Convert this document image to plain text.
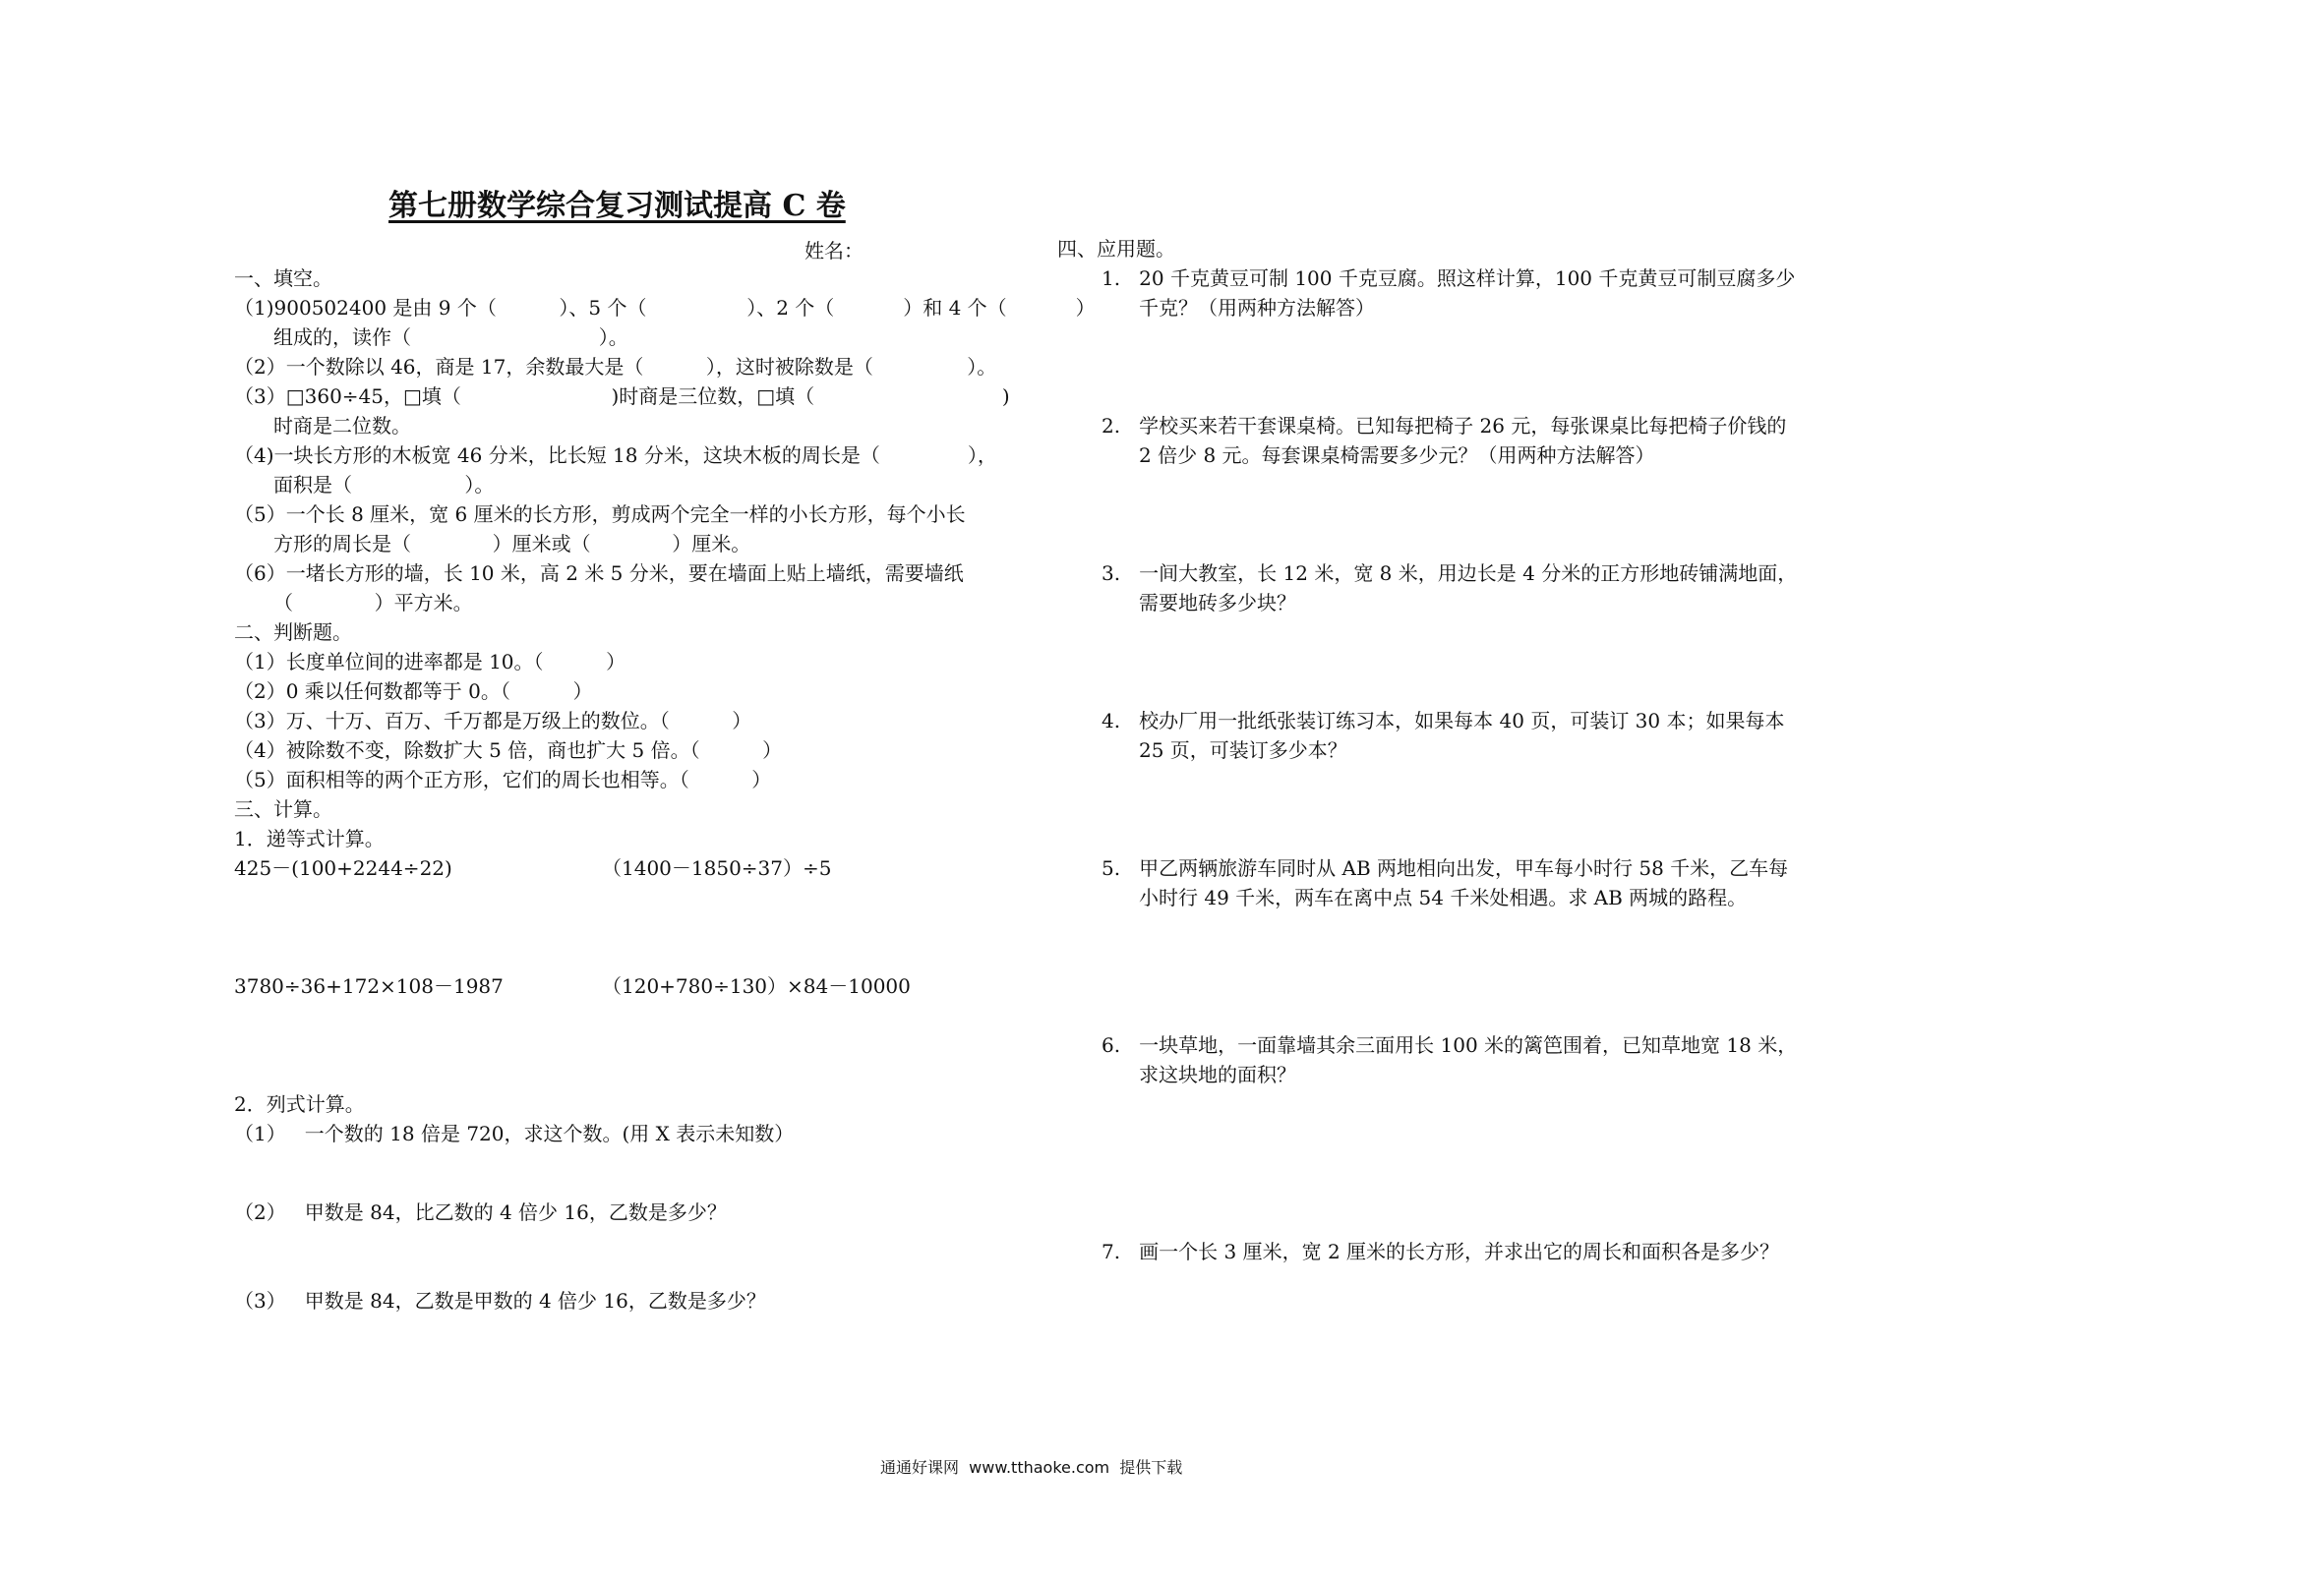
第七册数学综合复习测试提高 C 卷
姓名：
一、填空。
（1)900502400 是由 9 个（          ）、5 个（                ）、2 个（           ）和 4 个（           ）
组成的，读作（                              ）。
（2）一个数除以 46，商是 17，余数最大是（          ），这时被除数是（               ）。
（3）□360÷45，□填（                        )时商是三位数，□填（                              )
时商是二位数。
（4)一块长方形的木板宽 46 分米，比长短 18 分米，这块木板的周长是（              ），
面积是（                  ）。
（5）一个长 8 厘米，宽 6 厘米的长方形，剪成两个完全一样的小长方形，每个小长
方形的周长是（             ）厘米或（             ）厘米。
（6）一堵长方形的墙，长 10 米，高 2 米 5 分米，要在墙面上贴上墙纸，需要墙纸
（             ）平方米。
二、判断题。
（1）长度单位间的进率都是 10。（          ）
（2）0 乘以任何数都等于 0。（          ）
（3）万、十万、百万、千万都是万级上的数位。（          ）
（4）被除数不变，除数扩大 5 倍，商也扩大 5 倍。（          ）
（5）面积相等的两个正方形，它们的周长也相等。（          ）
三、计算。
1．递等式计算。
425－(100+2244÷22)	（1400－1850÷37）÷5
3780÷36+172×108－1987	（120+780÷130）×84－10000
2．列式计算。
（1）   一个数的 18 倍是 720，求这个数。(用 X 表示未知数）
（2）   甲数是 84，比乙数的 4 倍少 16，乙数是多少？
（3）   甲数是 84，乙数是甲数的 4 倍少 16，乙数是多少？
四、应用题。
1.   20 千克黄豆可制 100 千克豆腐。照这样计算，100 千克黄豆可制豆腐多少
千克？（用两种方法解答）
2.   学校买来若干套课桌椅。已知每把椅子 26 元，每张课桌比每把椅子价钱的
2 倍少 8 元。每套课桌椅需要多少元？（用两种方法解答）
3.   一间大教室，长 12 米，宽 8 米，用边长是 4 分米的正方形地砖铺满地面，
需要地砖多少块？
4.   校办厂用一批纸张装订练习本，如果每本 40 页，可装订 30 本；如果每本
25 页，可装订多少本？
5.   甲乙两辆旅游车同时从 AB 两地相向出发，甲车每小时行 58 千米，乙车每
小时行 49 千米，两车在离中点 54 千米处相遇。求 AB 两城的路程。
6.   一块草地，一面靠墙其余三面用长 100 米的篱笆围着，已知草地宽 18 米，
求这块地的面积？
7.   画一个长 3 厘米，宽 2 厘米的长方形，并求出它的周长和面积各是多少？
通通好课网  www.tthaoke.com  提供下载
